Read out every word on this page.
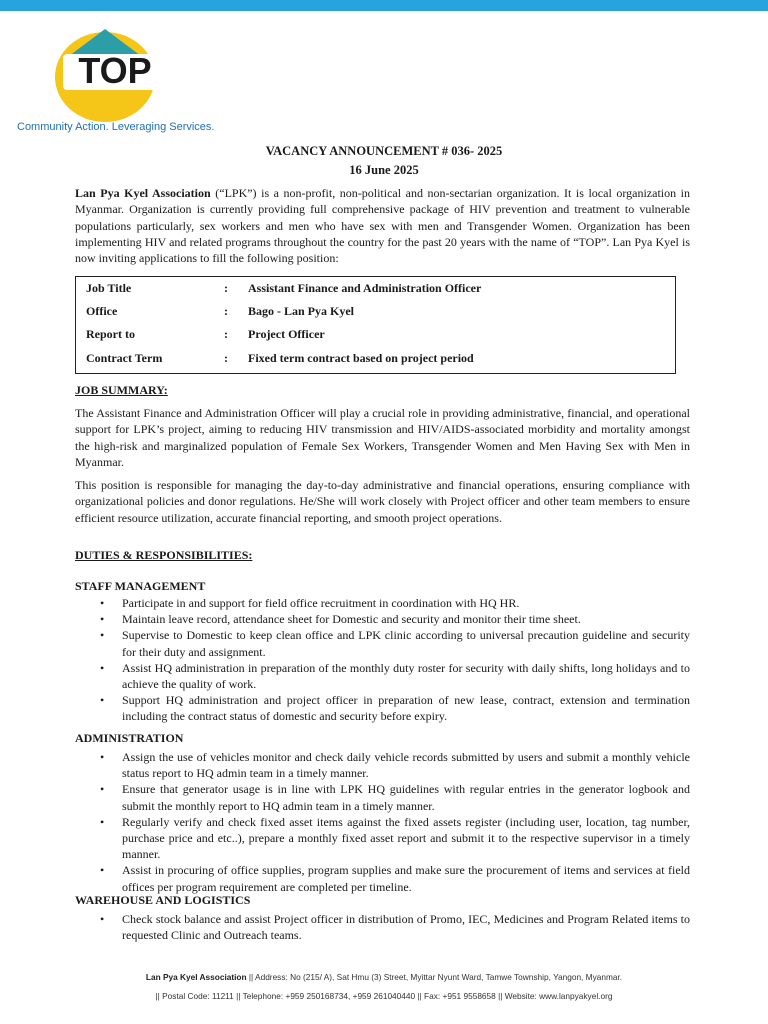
TOP
Community Action. Leveraging Services.
VACANCY ANNOUNCEMENT # 036- 2025
16 June 2025

Lan Pya Kyel Association (“LPK”) is a non-profit, non-political and non-sectarian organization. It is local organization in Myanmar. Organization is currently providing full comprehensive package of HIV prevention and treatment to vulnerable populations particularly, sex workers and men who have sex with men and Transgender Women. Organization has been implementing HIV and related programs throughout the country for the past 20 years with the name of “TOP”. Lan Pya Kyel is now inviting applications to fill the following position:

Job Title	: Assistant Finance and Administration Officer
Office	: Bago - Lan Pya Kyel
Report to	: Project Officer
Contract Term	: Fixed term contract based on project period
JOB SUMMARY:

The Assistant Finance and Administration Officer will play a crucial role in providing administrative, financial, and operational support for LPK’s project, aiming to reducing HIV transmission and HIV/AIDS-associated morbidity and mortality amongst the high-risk and marginalized population of Female Sex Workers, Transgender Women and Men Having Sex with Men in Myanmar.

This position is responsible for managing the day-to-day administrative and financial operations, ensuring compliance with organizational policies and donor regulations. He/She will work closely with Project officer and other team members to ensure efficient resource utilization, accurate financial reporting, and smooth project operations.

DUTIES & RESPONSIBILITIES:
STAFF MANAGEMENT
• Participate in and support for field office recruitment in coordination with HQ HR.
• Maintain leave record, attendance sheet for Domestic and security and monitor their time sheet.
• Supervise to Domestic to keep clean office and LPK clinic according to universal precaution guideline and security for their duty and assignment.
• Assist HQ administration in preparation of the monthly duty roster for security with daily shifts, long holidays and to achieve the quality of work.
• Support HQ administration and project officer in preparation of new lease, contract, extension and termination including the contract status of domestic and security before expiry.
ADMINISTRATION
• Assign the use of vehicles monitor and check daily vehicle records submitted by users and submit a monthly vehicle status report to HQ admin team in a timely manner.
• Ensure that generator usage is in line with LPK HQ guidelines with regular entries in the generator logbook and submit the monthly report to HQ admin team in a timely manner.
• Regularly verify and check fixed asset items against the fixed assets register (including user, location, tag number, purchase price and etc..), prepare a monthly fixed asset report and submit it to the respective supervisor in a timely manner.
• Assist in procuring of office supplies, program supplies and make sure the procurement of items and services at field offices per program requirement are completed per timeline.
WAREHOUSE AND LOGISTICS
• Check stock balance and assist Project officer in distribution of Promo, IEC, Medicines and Program Related items to requested Clinic and Outreach teams.
Lan Pya Kyel Association || Address: No (215/ A), Sat Hmu (3) Street, Myittar Nyunt Ward, Tamwe Township, Yangon, Myanmar.
|| Postal Code: 11211 || Telephone: +959 250168734, +959 261040440 || Fax: +951 9558658 || Website: www.lanpyakyel.org
